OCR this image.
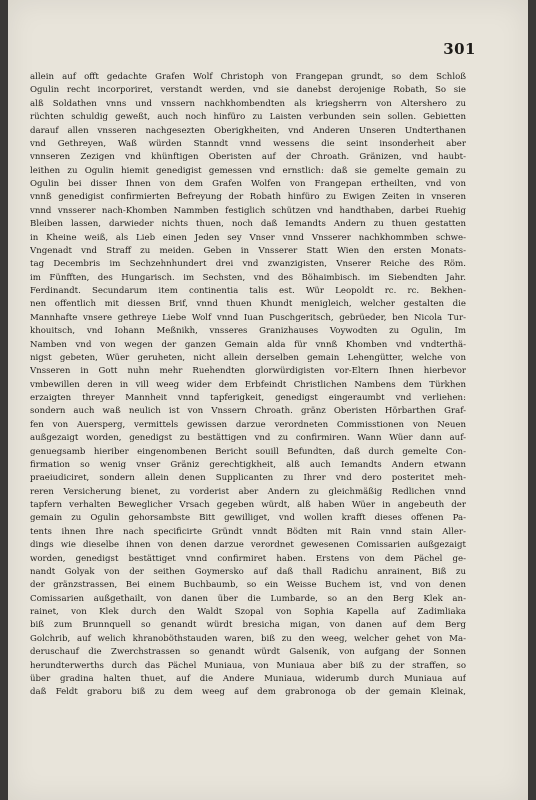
301
allein auf offt gedachte Grafen Wolf Christoph von Frangepan grundt, so dem Schloß
Ogulin recht incorporiret, verstandt werden, vnd sie danebst derojenige Robath, So sie
alß Soldathen vnns und vnssern nachkhombendten als kriegsherrn von Altershero zu
rüchten schuldig geweßt, auch noch hinfüro zu Laisten verbunden sein sollen. Gebietten
darauf allen vnsseren nachgesezten Oberigkheiten, vnd Anderen Unseren Undterthanen
vnd Gethreyen, Waß würden Stanndt vnnd wessens die seint insonderheit aber
vnnseren Zezigen vnd khünftigen Oberisten auf der Chroath. Gränizen, vnd haubt-
leithen zu Ogulin hiemit genedigist gemessen vnd ernstlich: daß sie gemelte gemain zu
Ogulin bei disser Ihnen von dem Grafen Wolfen von Frangepan ertheilten, vnd von
vnnß genedigist confirmierten Befreyung der Robath hinfüro zu Ewigen Zeiten in vnseren
vnnd vnsserer nach-Khomben Nammben festiglich schützen vnd handthaben, darbei Ruehig
Bleiben lassen, darwieder nichts thuen, noch daß Iemandts Andern zu thuen gestatten
in Kheine weiß, als Lieb einen Jeden sey Vnser vnnd Vnsserer nachkhommben schwe-
Vngenadt vnd Straff zu meiden. Geben in Vnsserer Statt Wien den ersten Monats-
tag Decembris im Sechzehnhundert drei vnd zwanzigisten, Vnserer Reiche des Röm.
im Fünfften, des Hungarisch. im Sechsten, vnd des Böhaimbisch. im Siebendten Jahr.
Ferdinandt. Secundarum item continentia talis est. Wür Leopoldt rc. rc. Bekhen-
nen offentlich mit diessen Brif, vnnd thuen Khundt menigleich, welcher gestalten die
Mannhafte vnsere gethreye Liebe Wolf vnnd Iuan Puschgeritsch, gebrüeder, ben Nicola Tur-
khouitsch, vnd Iohann Meßnikh, vnsseres Granizhauses Voywodten zu Ogulin, Im
Namben vnd von wegen der ganzen Gemain alda für vnnß Khomben vnd vndterthä-
nigst gebeten, Wüer geruheten, nicht allein derselben gemain Lehengütter, welche von
Vnsseren in Gott nuhn mehr Ruehendten glorwürdigisten vor-Eltern Ihnen hierbevor
vmbewillen deren in vill weeg wider dem Erbfeindt Christlichen Nambens dem Türkhen
erzaigten threyer Mannheit vnnd tapferigkeit, genedigst eingeraumbt vnd verliehen:
sondern auch waß neulich ist von Vnssern Chroath. gränz Oberisten Hörbarthen Graf-
fen von Auersperg, vermittels gewissen darzue verordneten Commisstionen von Neuen
außgezaigt worden, genedigst zu bestättigen vnd zu confirmiren. Wann Wüer dann auf-
genuegsamb hieriber eingenombenen Bericht souill Befundten, daß durch gemelte Con-
firmation so wenig vnser Gräniz gerechtigkheit, alß auch Iemandts Andern etwann
praeiudiciret, sondern allein denen Supplicanten zu Ihrer vnd dero posteritet meh-
reren Versicherung bienet, zu vorderist aber Andern zu gleichmäßig Redlichen vnnd
tapfern verhalten Beweglicher Vrsach gegeben würdt, alß haben Wüer in angebeuth der
gemain zu Ogulin gehorsambste Bitt gewilliget, vnd wollen krafft dieses offenen Pa-
tents ihnen Ihre nach specificirte Gründt vnndt Bödten mit Rain vnnd stain Aller-
dings wie dieselbe ihnen von denen darzue verordnet gewesenen Comissarien außgezaigt
worden, genedigst bestättiget vnnd confirmiret haben. Erstens von dem Pächel ge-
nandt Golyak von der seithen Goymersko auf daß thall Radichu anrainent, Biß zu
der gränzstrassen, Bei einem Buchbaumb, so ein Weisse Buchem ist, vnd von denen
Comissarien außgethailt, von danen über die Lumbarde, so an den Berg Klek an-
rainet, von Klek durch den Waldt Szopal von Sophia Kapella auf Zadimliaka
biß zum Brunnquell so genandt würdt bresicha migan, von danen auf dem Berg
Golchrib, auf welich khranoböthstauden waren, biß zu den weeg, welcher gehet von Ma-
deruschauf die Zwerchstrassen so genandt würdt Galsenik, von aufgang der Sonnen
herundterwerths durch das Pächel Muniaua, von Muniaua aber biß zu der straffen, so
über gradina halten thuet, auf die Andere Muniaua, widerumb durch Muniaua auf
daß Feldt graboru biß zu dem weeg auf dem grabronoga ob der gemain Kleinak,
